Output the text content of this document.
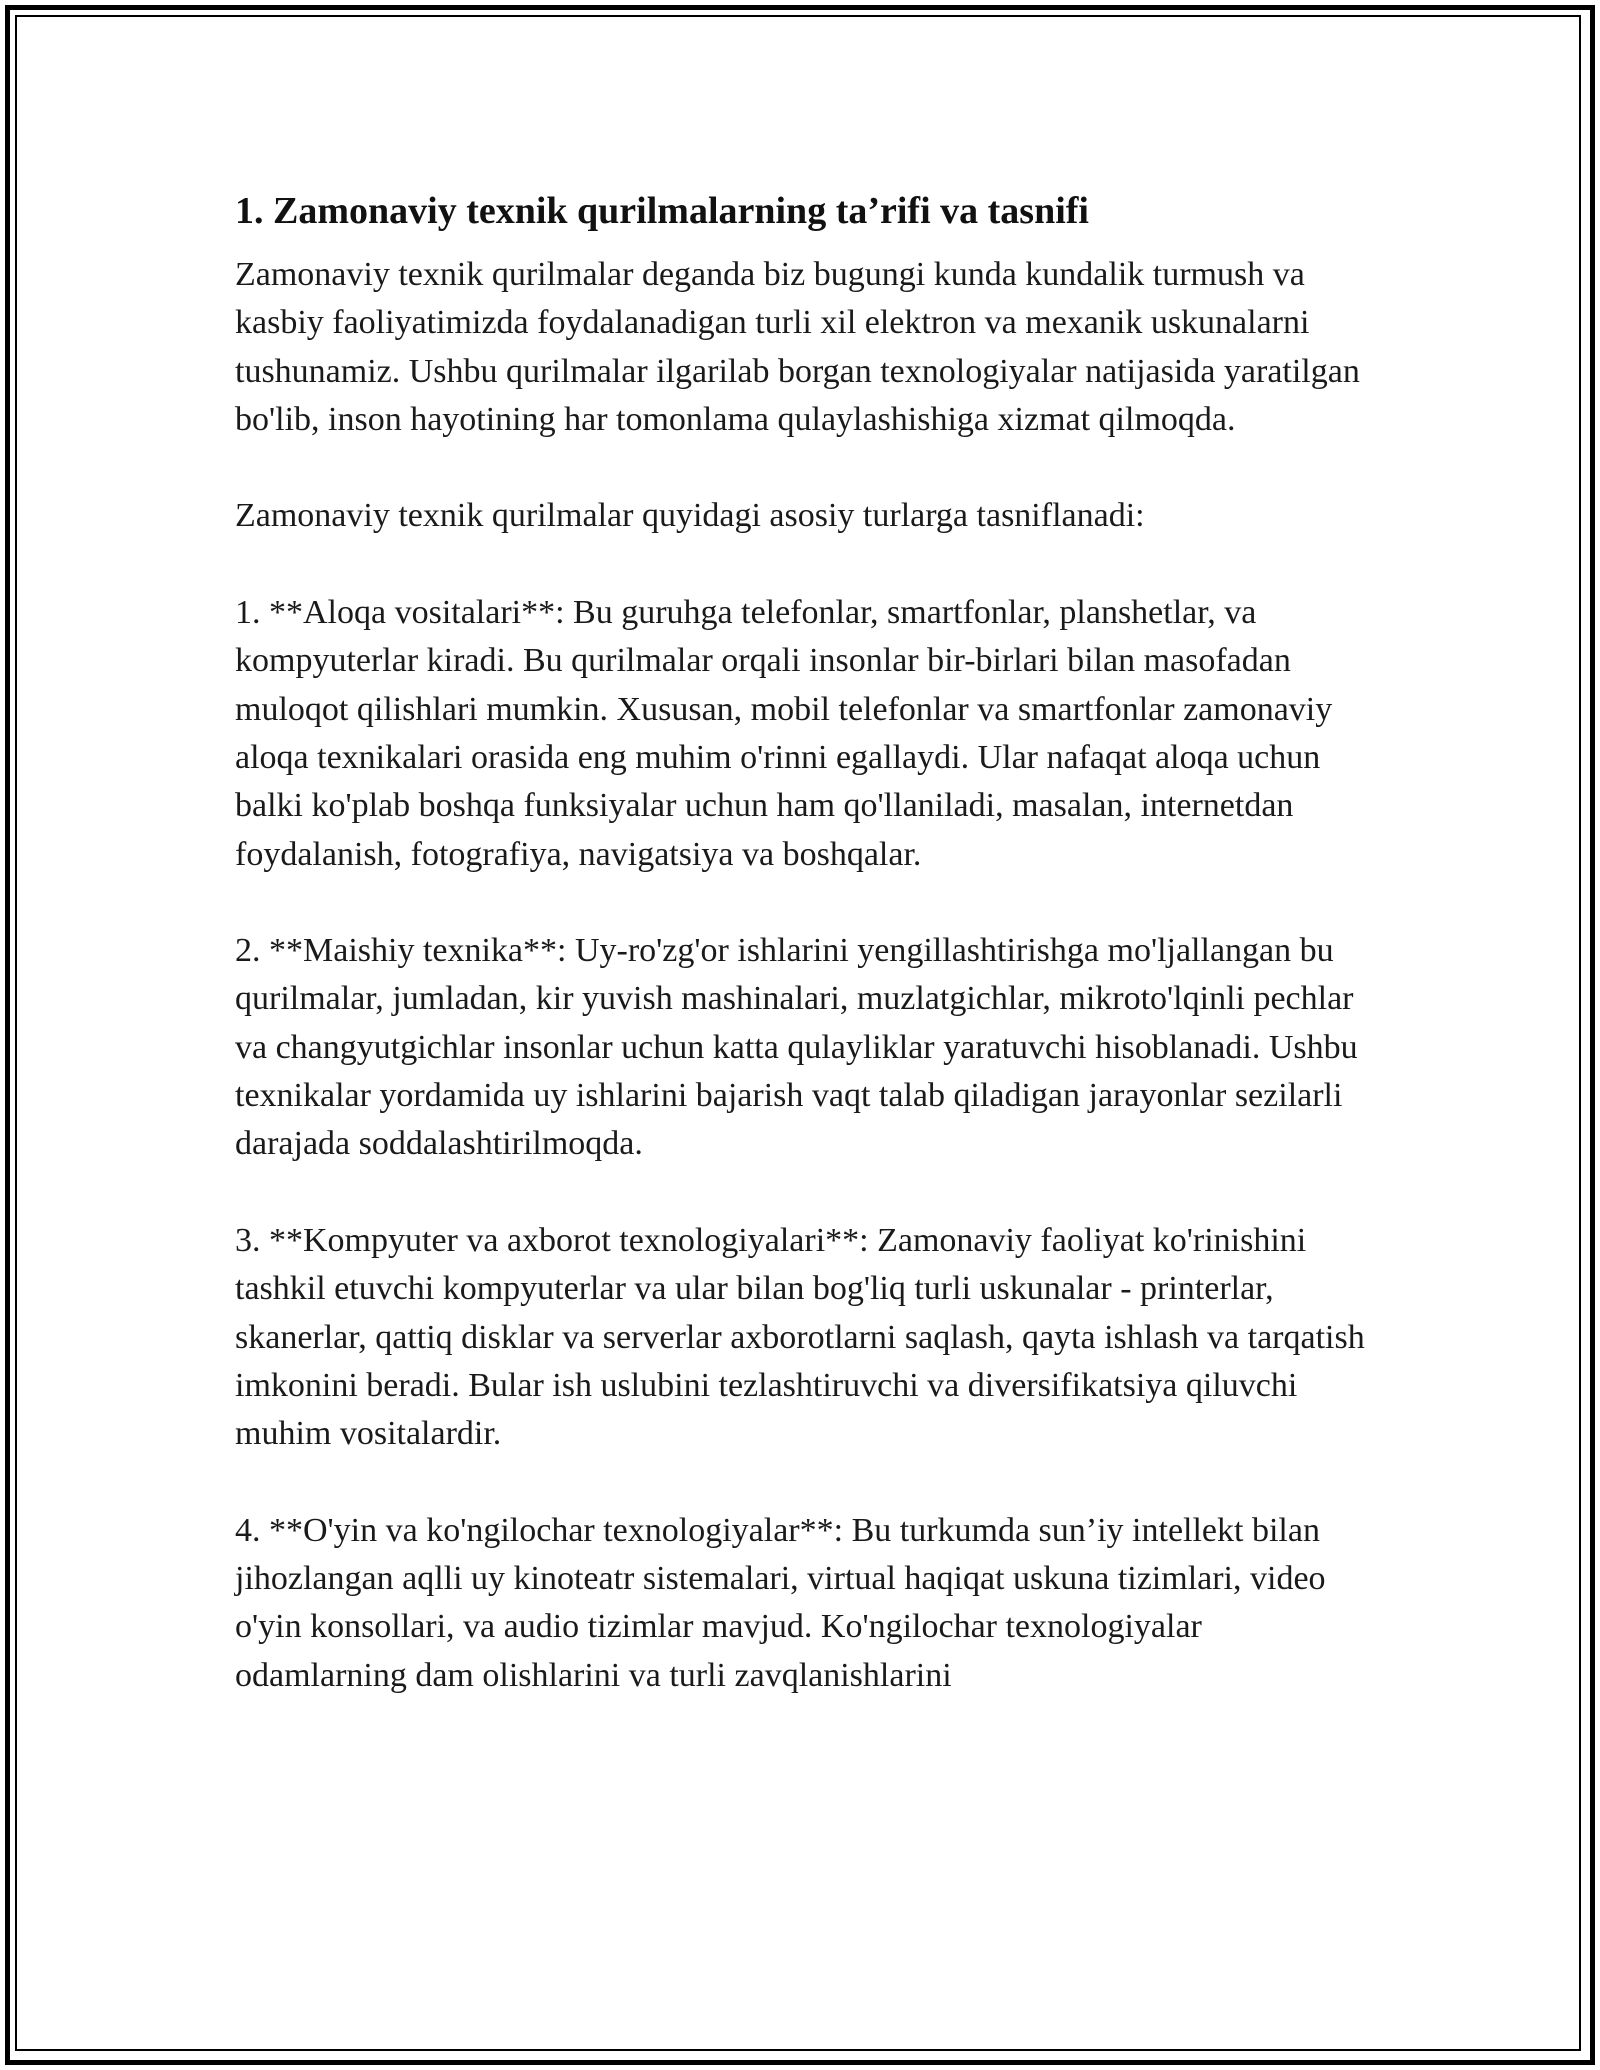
1. Zamonaviy texnik qurilmalarning ta’rifi va tasnifi

Zamonaviy texnik qurilmalar deganda biz bugungi kunda kundalik turmush va kasbiy faoliyatimizda foydalanadigan turli xil elektron va mexanik uskunalarni tushunamiz. Ushbu qurilmalar ilgarilab borgan texnologiyalar natijasida yaratilgan bo'lib, inson hayotining har tomonlama qulaylashishiga xizmat qilmoqda.

Zamonaviy texnik qurilmalar quyidagi asosiy turlarga tasniflanadi:

1. **Aloqa vositalari**: Bu guruhga telefonlar, smartfonlar, planshetlar, va kompyuterlar kiradi. Bu qurilmalar orqali insonlar bir-birlari bilan masofadan muloqot qilishlari mumkin. Xususan, mobil telefonlar va smartfonlar zamonaviy aloqa texnikalari orasida eng muhim o'rinni egallaydi. Ular nafaqat aloqa uchun balki ko'plab boshqa funksiyalar uchun ham qo'llaniladi, masalan, internetdan foydalanish, fotografiya, navigatsiya va boshqalar.

2. **Maishiy texnika**: Uy-ro'zg'or ishlarini yengillashtirishga mo'ljallangan bu qurilmalar, jumladan, kir yuvish mashinalari, muzlatgichlar, mikroto'lqinli pechlar va changyutgichlar insonlar uchun katta qulayliklar yaratuvchi hisoblanadi. Ushbu texnikalar yordamida uy ishlarini bajarish vaqt talab qiladigan jarayonlar sezilarli darajada soddalashtirilmoqda.

3. **Kompyuter va axborot texnologiyalari**: Zamonaviy faoliyat ko'rinishini tashkil etuvchi kompyuterlar va ular bilan bog'liq turli uskunalar - printerlar, skanerlar, qattiq disklar va serverlar axborotlarni saqlash, qayta ishlash va tarqatish imkonini beradi. Bular ish uslubini tezlashtiruvchi va diversifikatsiya qiluvchi muhim vositalardir.

4. **O'yin va ko'ngilochar texnologiyalar**: Bu turkumda sun’iy intellekt bilan jihozlangan aqlli uy kinoteatr sistemalari, virtual haqiqat uskuna tizimlari, video o'yin konsollari, va audio tizimlar mavjud. Ko'ngilochar texnologiyalar odamlarning dam olishlarini va turli zavqlanishlarini
